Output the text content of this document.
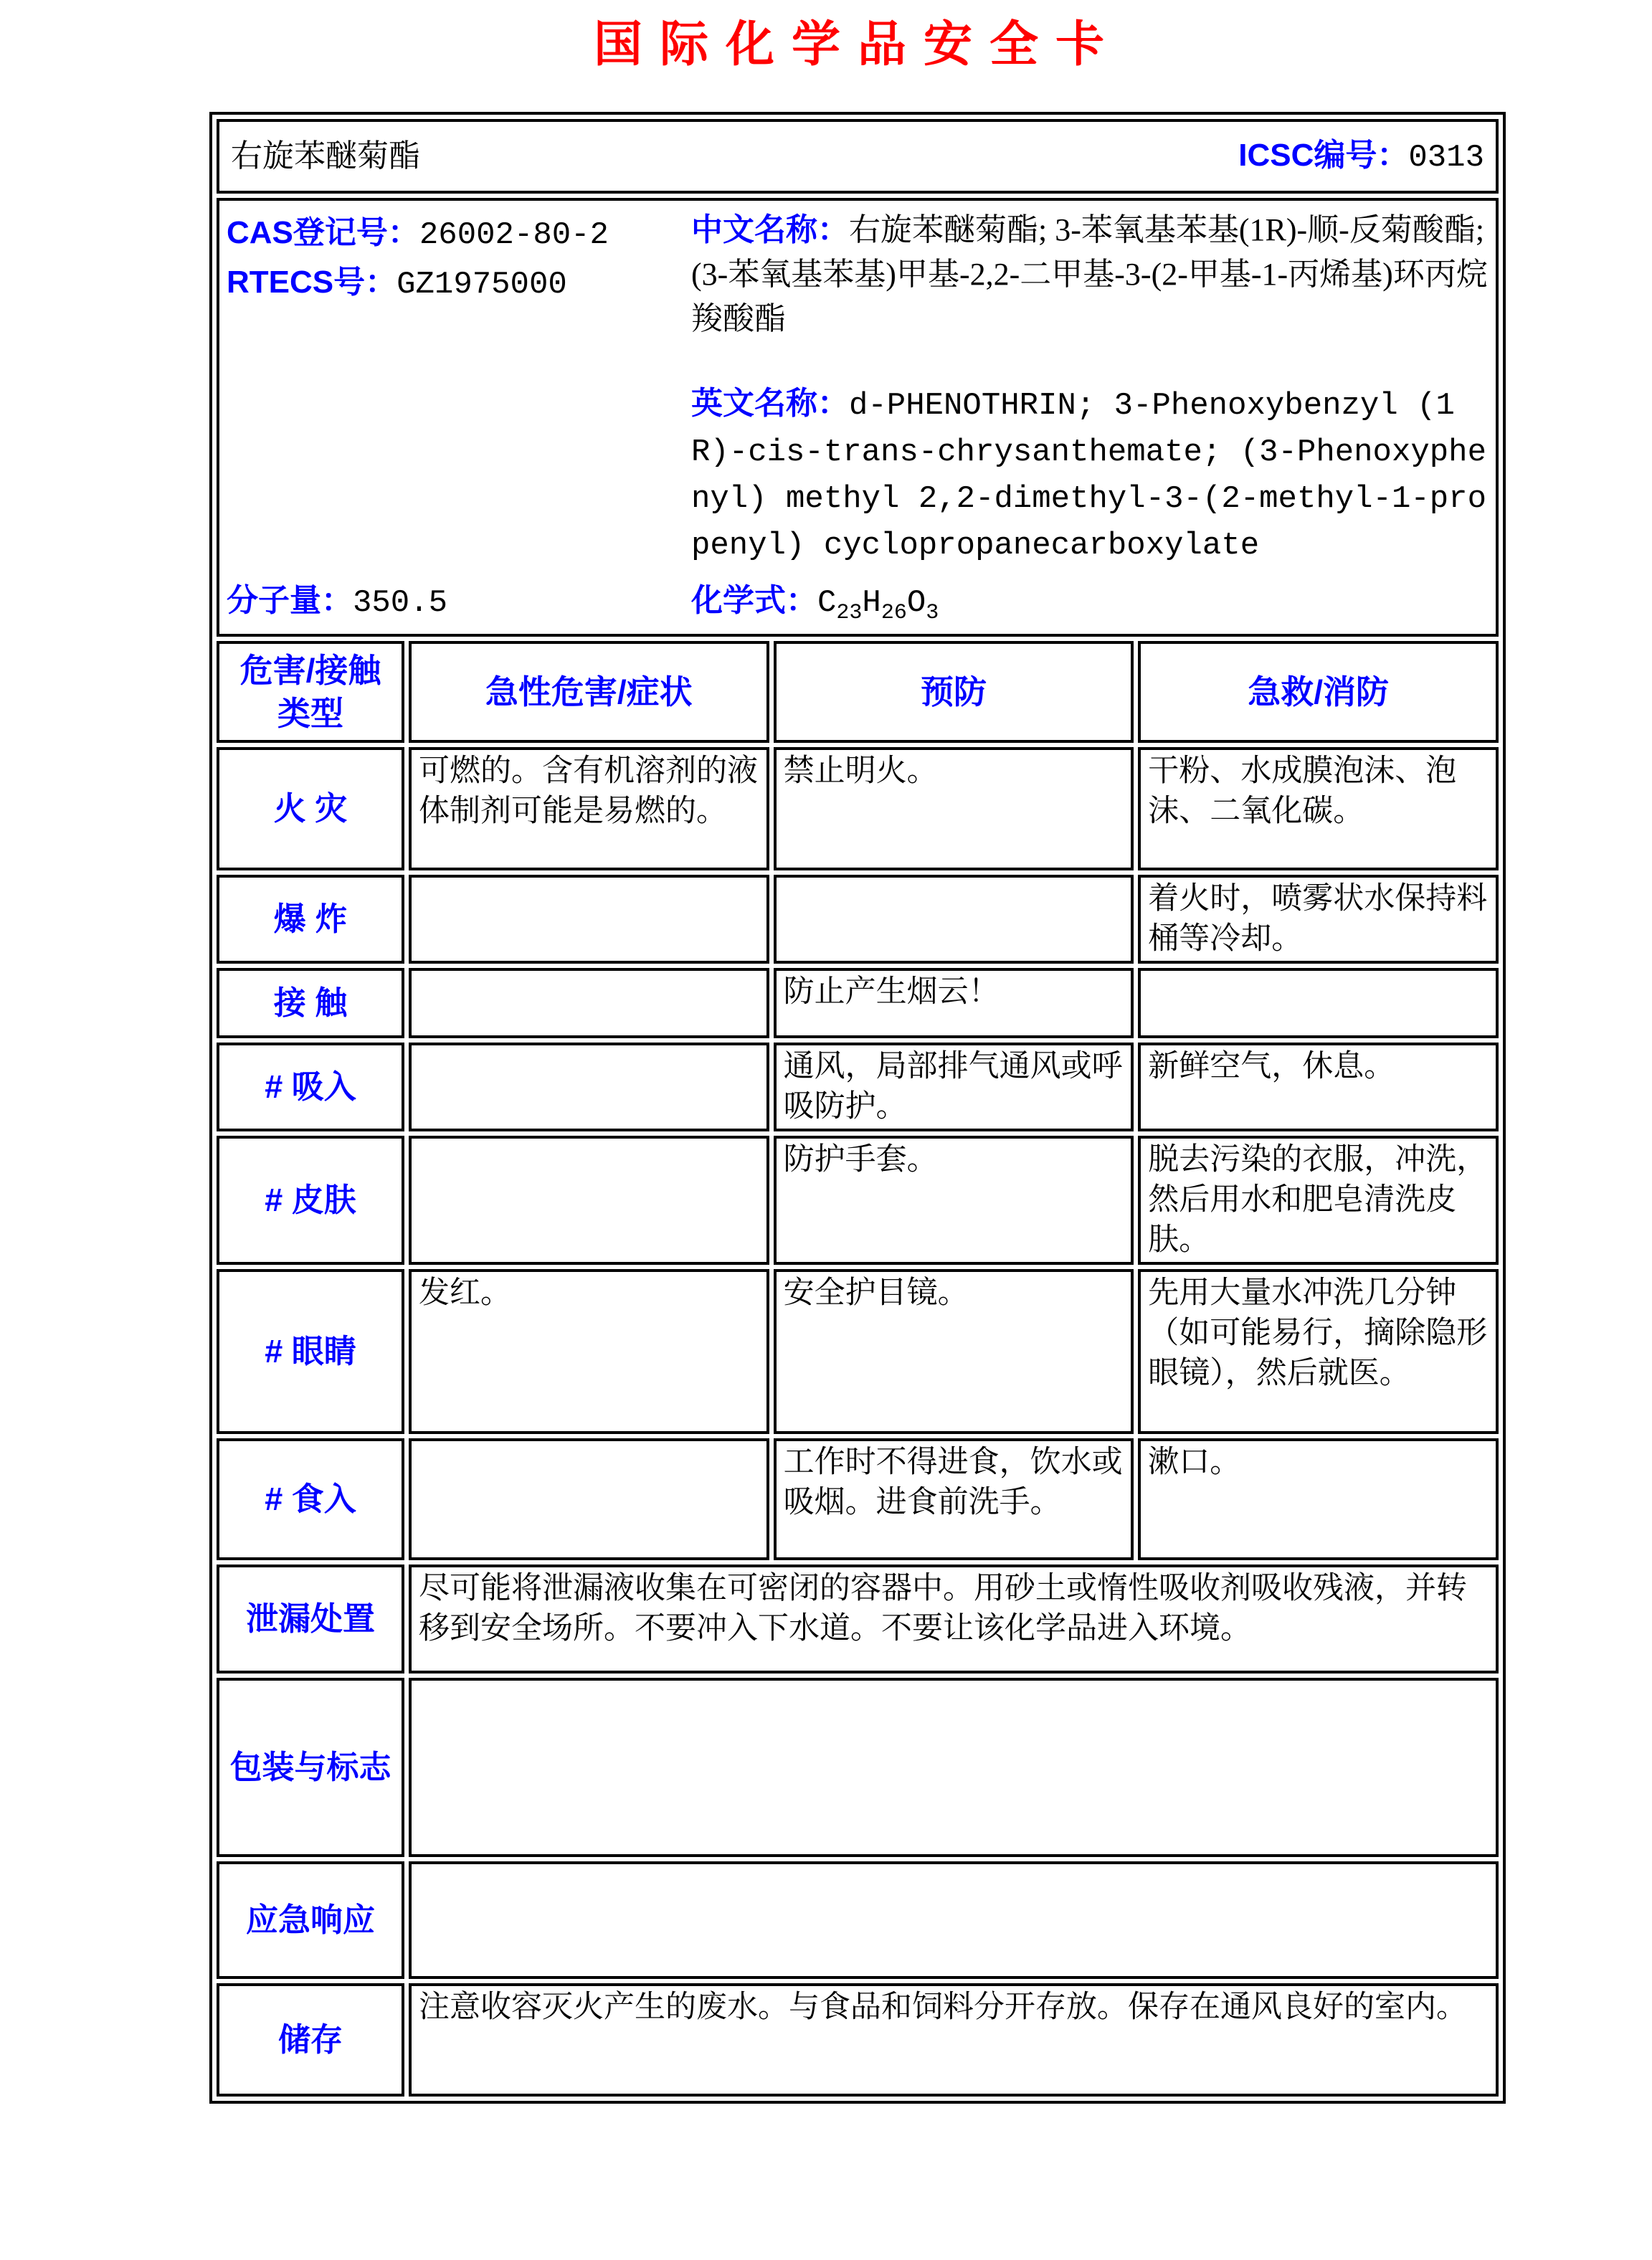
国际化学品安全卡
右旋苯醚菊酯 ICSC编号：0313			

CAS登记号：26002-80-2
RTECS号：GZ1975000

中文名称：右旋苯醚菊酯; 3-苯氧基苯基(1R)-顺-反菊酸酯; (3-苯氧基苯基)甲基-2,2-二甲基-3-(2-甲基-1-丙烯基)环丙烷羧酸酯

英文名称：d-PHENOTHRIN; 3-Phenoxybenzyl (1R)-cis-trans-chrysanthemate; (3-Phenoxyphenyl) methyl 2,2-dimethyl-3-(2-methyl-1-propenyl) cyclopropanecarboxylate

分子量：350.5	化学式：$C_{23}H_{26}O_3$

危害/接触
类型	急性危害/症状	预防	急救/消防
火 灾	可燃的。含有机溶剂的液体制剂可能是易燃的。	禁止明火。	干粉、水成膜泡沫、泡沫、二氧化碳。
爆 炸			着火时，喷雾状水保持料桶等冷却。
接 触		防止产生烟云！	
# 吸入		通风，局部排气通风或呼吸防护。	新鲜空气，休息。
# 皮肤		防护手套。	脱去污染的衣服，冲洗，然后用水和肥皂清洗皮肤。
# 眼睛	发红。	安全护目镜。	先用大量水冲洗几分钟（如可能易行，摘除隐形眼镜），然后就医。
# 食入		工作时不得进食，饮水或吸烟。进食前洗手。	漱口。
泄漏处置	尽可能将泄漏液收集在可密闭的容器中。用砂土或惰性吸收剂吸收残液，并转移到安全场所。不要冲入下水道。不要让该化学品进入环境。		
包装与标志			
应急响应			
储存	注意收容灭火产生的废水。与食品和饲料分开存放。保存在通风良好的室内。		
